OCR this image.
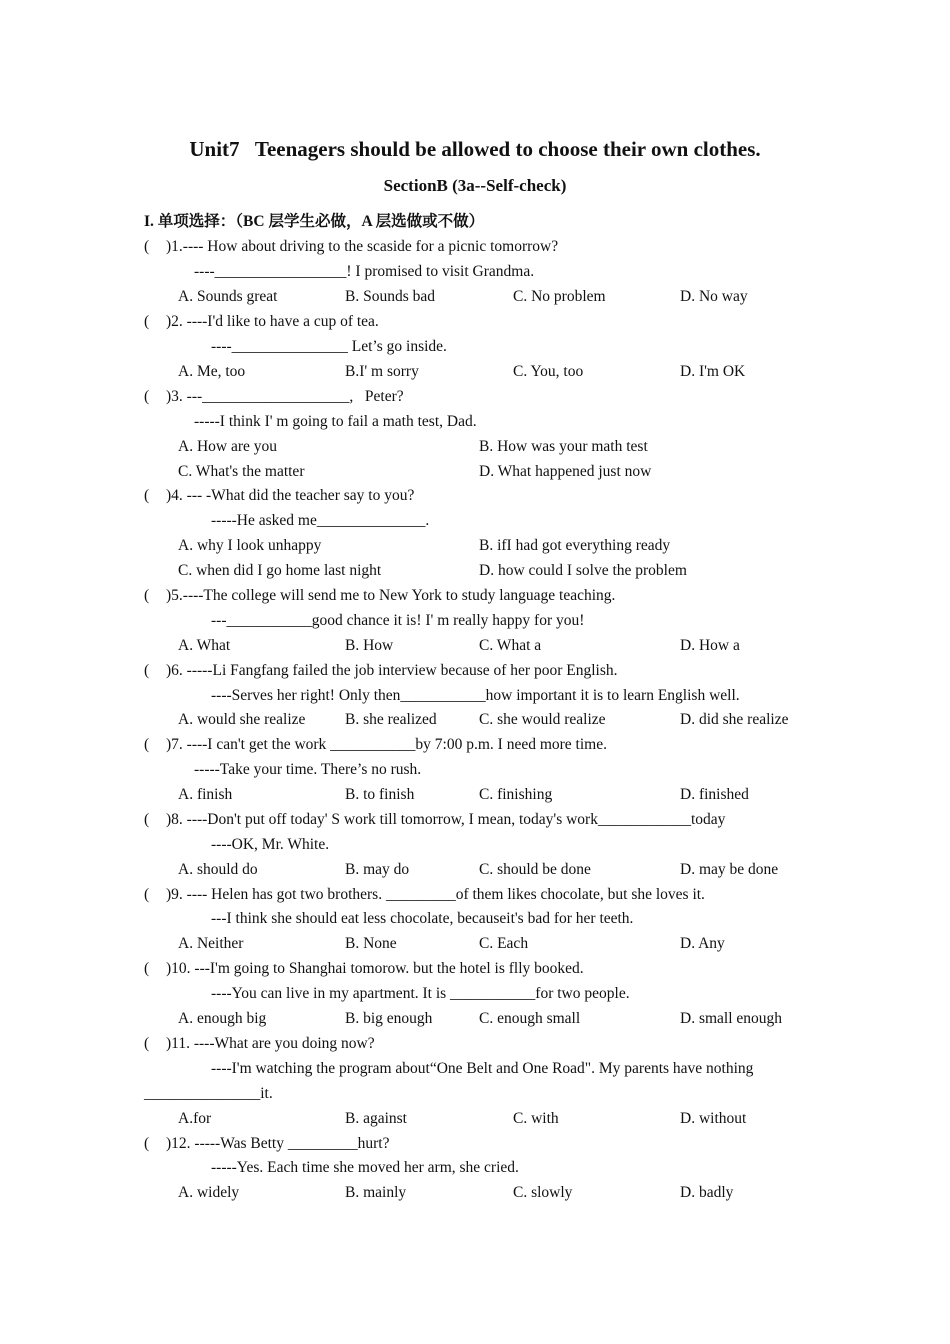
Unit7   Teenagers should be allowed to choose their own clothes.
SectionB (3a--Self-check)
I. 单项选择：（BC 层学生必做，A 层选做或不做）
( )1.---- How about driving to the scaside for a picnic tomorrow?
----_________________! I promised to visit Grandma.
A. Sounds great	B. Sounds bad	C. No problem	D. No way
( )2. ----I'd like to have a cup of tea.
----_______________ Let’s go inside.
A. Me, too	B.I' m sorry	C. You, too	D. I'm OK
( )3. ---___________________,   Peter?
-----I think I' m going to fail a math test, Dad.
A. How are you	B. How was your math test
C. What's the matter	D. What happened just now
( )4. --- -What did the teacher say to you?
-----He asked me______________.
A. why I look unhappy	B. ifI had got everything ready
C. when did I go home last night	D. how could I solve the problem
( )5.----The college will send me to New York to study language teaching.
---___________good chance it is! I' m really happy for you!
A. What	B. How	C. What a	D. How a
( )6. -----Li Fangfang failed the job interview because of her poor English.
----Serves her right! Only then___________how important it is to learn English well.
A. would she realize	B. she realized	C. she would realize	D. did she realize
( )7. ----I can't get the work ___________by 7:00 p.m. I need more time.
-----Take your time. There’s no rush.
A. finish	B. to finish	C. finishing	D. finished
( )8. ----Don't put off today' S work till tomorrow, I mean, today's work____________today
----OK, Mr. White.
A. should do	B. may do	C. should be done	D. may be done
( )9. ---- Helen has got two brothers. _________of them likes chocolate, but she loves it.
---I think she should eat less chocolate, becauseit's bad for her teeth.
A. Neither	B. None	C. Each	D. Any
( )10. ---I'm going to Shanghai tomorow. but the hotel is flly booked.
----You can live in my apartment. It is ___________for two people.
A. enough big	B. big enough	C. enough small	D. small enough
( )11. ----What are you doing now?
----I'm watching the program about“One Belt and One Road". My parents have nothing
_______________it.
A.for	B. against	C. with	D. without
( )12. -----Was Betty _________hurt?
-----Yes. Each time she moved her arm, she cried.
A. widely	B. mainly	C. slowly	D. badly
